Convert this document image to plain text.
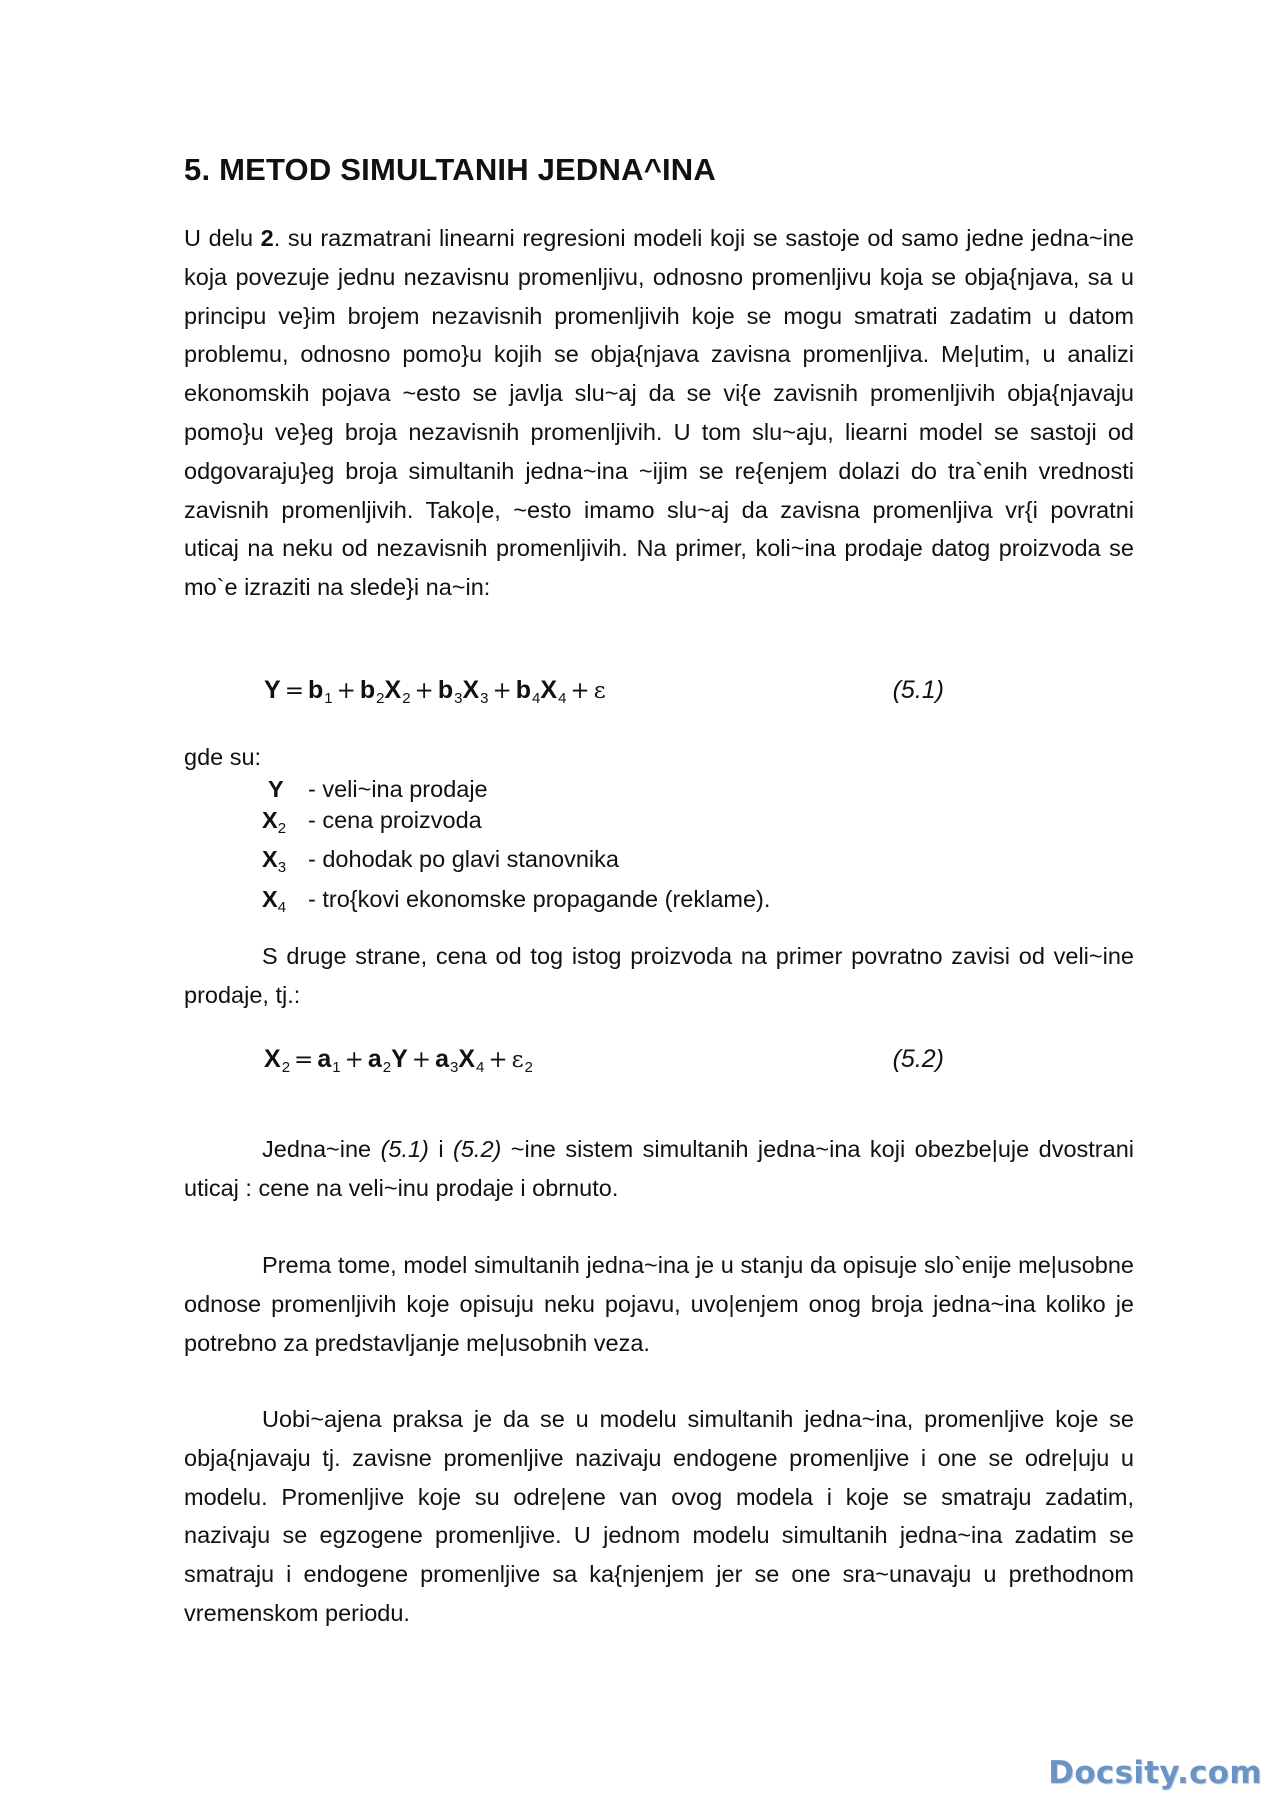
5. METOD SIMULTANIH JEDNA^INA

U delu 2. su razmatrani linearni regresioni modeli koji se sastoje od samo jedne jedna~ine koja povezuje jednu nezavisnu promenljivu, odnosno promenljivu koja se obja{njava, sa u principu ve}im brojem nezavisnih promenljivih koje se mogu smatrati zadatim u datom problemu, odnosno pomo}u kojih se obja{njava zavisna promenljiva. Me|utim, u analizi ekonomskih pojava ~esto se javlja slu~aj da se vi{e zavisnih promenljivih obja{njavaju pomo}u ve}eg broja nezavisnih promenljivih. U tom slu~aju, liearni model se sastoji od odgovaraju}eg broja simultanih jedna~ina ~ijim se re{enjem dolazi do tra`enih vrednosti zavisnih promenljivih. Tako|e, ~esto imamo slu~aj da zavisna promenljiva vr{i povratni uticaj na neku od nezavisnih promenljivih. Na primer, koli~ina prodaje datog proizvoda se mo`e izraziti na slede}i na~in:

$Y = b_1 + b_2X_2 + b_3X_3 + b_4X_4 + \varepsilon$	(5.1)
gde su:
Y - veli~ina prodaje
$X_2$ - cena proizvoda
$X_3$ - dohodak po glavi stanovnika
$X_4$ - tro{kovi ekonomske propagande (reklame).

S druge strane, cena od tog istog proizvoda na primer povratno zavisi od veli~ine prodaje, tj.:

$X_2 = a_1 + a_2Y + a_3X_4 + \varepsilon_2$	(5.2)

Jedna~ine (5.1) i (5.2) ~ine sistem simultanih jedna~ina koji obezbe|uje dvostrani uticaj : cene na veli~inu prodaje i obrnuto.

Prema tome, model simultanih jedna~ina je u stanju da opisuje slo`enije me|usobne odnose promenljivih koje opisuju neku pojavu, uvo|enjem onog broja jedna~ina koliko je potrebno za predstavljanje me|usobnih veza.

Uobi~ajena praksa je da se u modelu simultanih jedna~ina, promenljive koje se obja{njavaju tj. zavisne promenljive nazivaju endogene promenljive i one se odre|uju u modelu. Promenljive koje su odre|ene van ovog modela i koje se smatraju zadatim, nazivaju se egzogene promenljive. U jednom modelu simultanih jedna~ina zadatim se smatraju i endogene promenljive sa ka{njenjem jer se one sra~unavaju u prethodnom vremenskom periodu.

Docsity.com
